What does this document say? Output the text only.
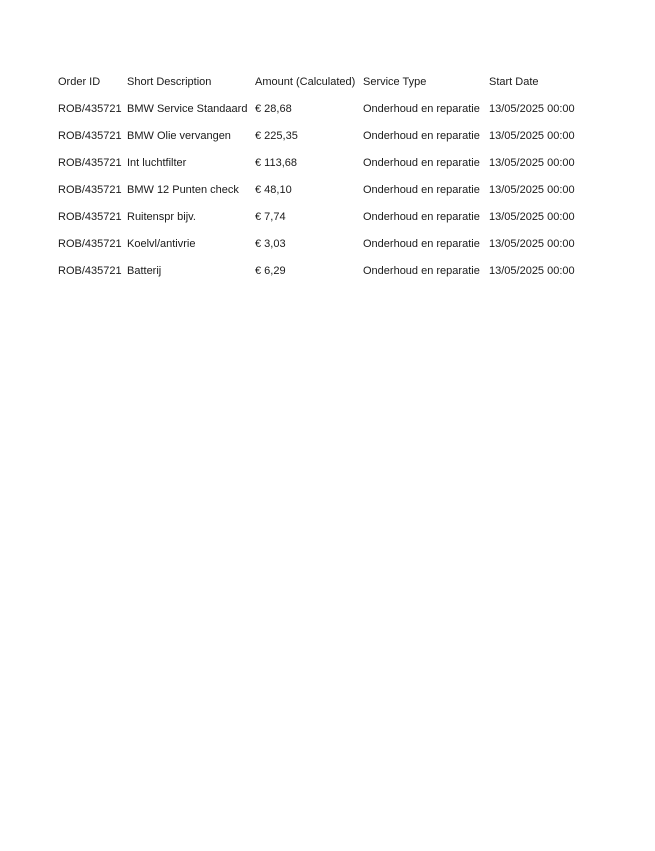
Order ID	Short Description	Amount (Calculated)	Service Type	Start Date
ROB/435721	BMW Service Standaard	€ 28,68	Onderhoud en reparatie	13/05/2025 00:00
ROB/435721	BMW Olie vervangen	€ 225,35	Onderhoud en reparatie	13/05/2025 00:00
ROB/435721	Int luchtfilter	€ 113,68	Onderhoud en reparatie	13/05/2025 00:00
ROB/435721	BMW 12 Punten check	€ 48,10	Onderhoud en reparatie	13/05/2025 00:00
ROB/435721	Ruitenspr bijv.	€ 7,74	Onderhoud en reparatie	13/05/2025 00:00
ROB/435721	Koelvl/antivrie	€ 3,03	Onderhoud en reparatie	13/05/2025 00:00
ROB/435721	Batterij	€ 6,29	Onderhoud en reparatie	13/05/2025 00:00
